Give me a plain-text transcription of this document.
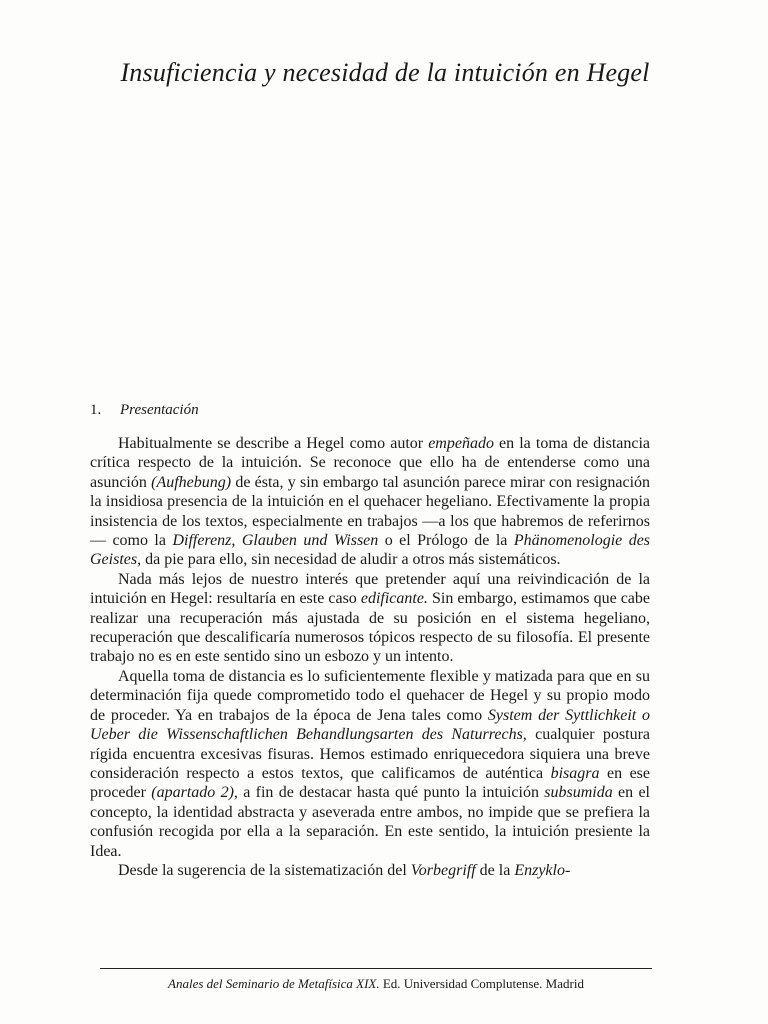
Insuficiencia y necesidad de la intuición en Hegel
1. Presentación

Habitualmente se describe a Hegel como autor empeñado en la toma de distancia crítica respecto de la intuición. Se reconoce que ello ha de entenderse como una asunción (Aufhebung) de ésta, y sin embargo tal asunción parece mirar con resignación la insidiosa presencia de la intuición en el quehacer hegeliano. Efectivamente la propia insistencia de los textos, especialmente en trabajos —a los que habremos de referirnos— como la Differenz, Glauben und Wissen o el Prólogo de la Phänomenologie des Geistes, da pie para ello, sin necesidad de aludir a otros más sistemáticos.

Nada más lejos de nuestro interés que pretender aquí una reivindicación de la intuición en Hegel: resultaría en este caso edificante. Sin embargo, estimamos que cabe realizar una recuperación más ajustada de su posición en el sistema hegeliano, recuperación que descalificaría numerosos tópicos respecto de su filosofía. El presente trabajo no es en este sentido sino un esbozo y un intento.

Aquella toma de distancia es lo suficientemente flexible y matizada para que en su determinación fija quede comprometido todo el quehacer de Hegel y su propio modo de proceder. Ya en trabajos de la época de Jena tales como System der Syttlichkeit o Ueber die Wissenschaftlichen Behandlungsarten des Naturrechs, cualquier postura rígida encuentra excesivas fisuras. Hemos estimado enriquecedora siquiera una breve consideración respecto a estos textos, que calificamos de auténtica bisagra en ese proceder (apartado 2), a fin de destacar hasta qué punto la intuición subsumida en el concepto, la identidad abstracta y aseverada entre ambos, no impide que se prefiera la confusión recogida por ella a la separación. En este sentido, la intuición presiente la Idea.

Desde la sugerencia de la sistematización del Vorbegriff de la Enzyklo-

Anales del Seminario de Metafísica XIX. Ed. Universidad Complutense. Madrid
